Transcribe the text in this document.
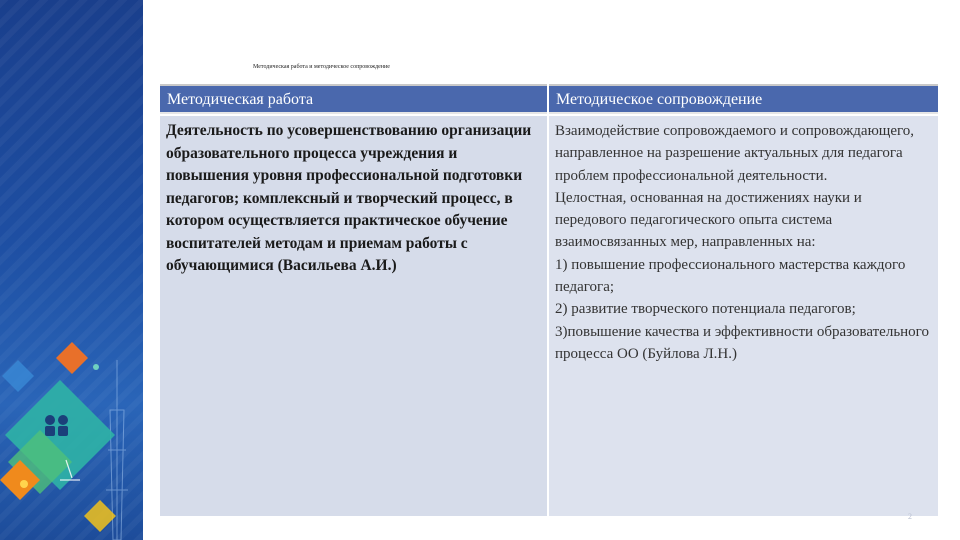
Методическая работа и методическое сопровождение
Методическая работа	Методическое сопровождение

Деятельность по усовершенствованию организации образовательного процесса учреждения и повышения уровня профессиональной подготовки педагогов; комплексный и творческий процесс, в котором осуществляется практическое обучение воспитателей методам и приемам работы с обучающимися (Васильева А.И.)

Взаимодействие сопровождаемого и сопровождающего, направленное на разрешение актуальных для педагога проблем профессиональной деятельности.

Целостная, основанная на достижениях науки и передового педагогического опыта система взаимосвязанных мер, направленных на:

1) повышение профессионального мастерства каждого педагога;

2) развитие творческого потенциала педагогов;

3)повышение качества и эффективности образовательного процесса ОО (Буйлова Л.Н.)

2
